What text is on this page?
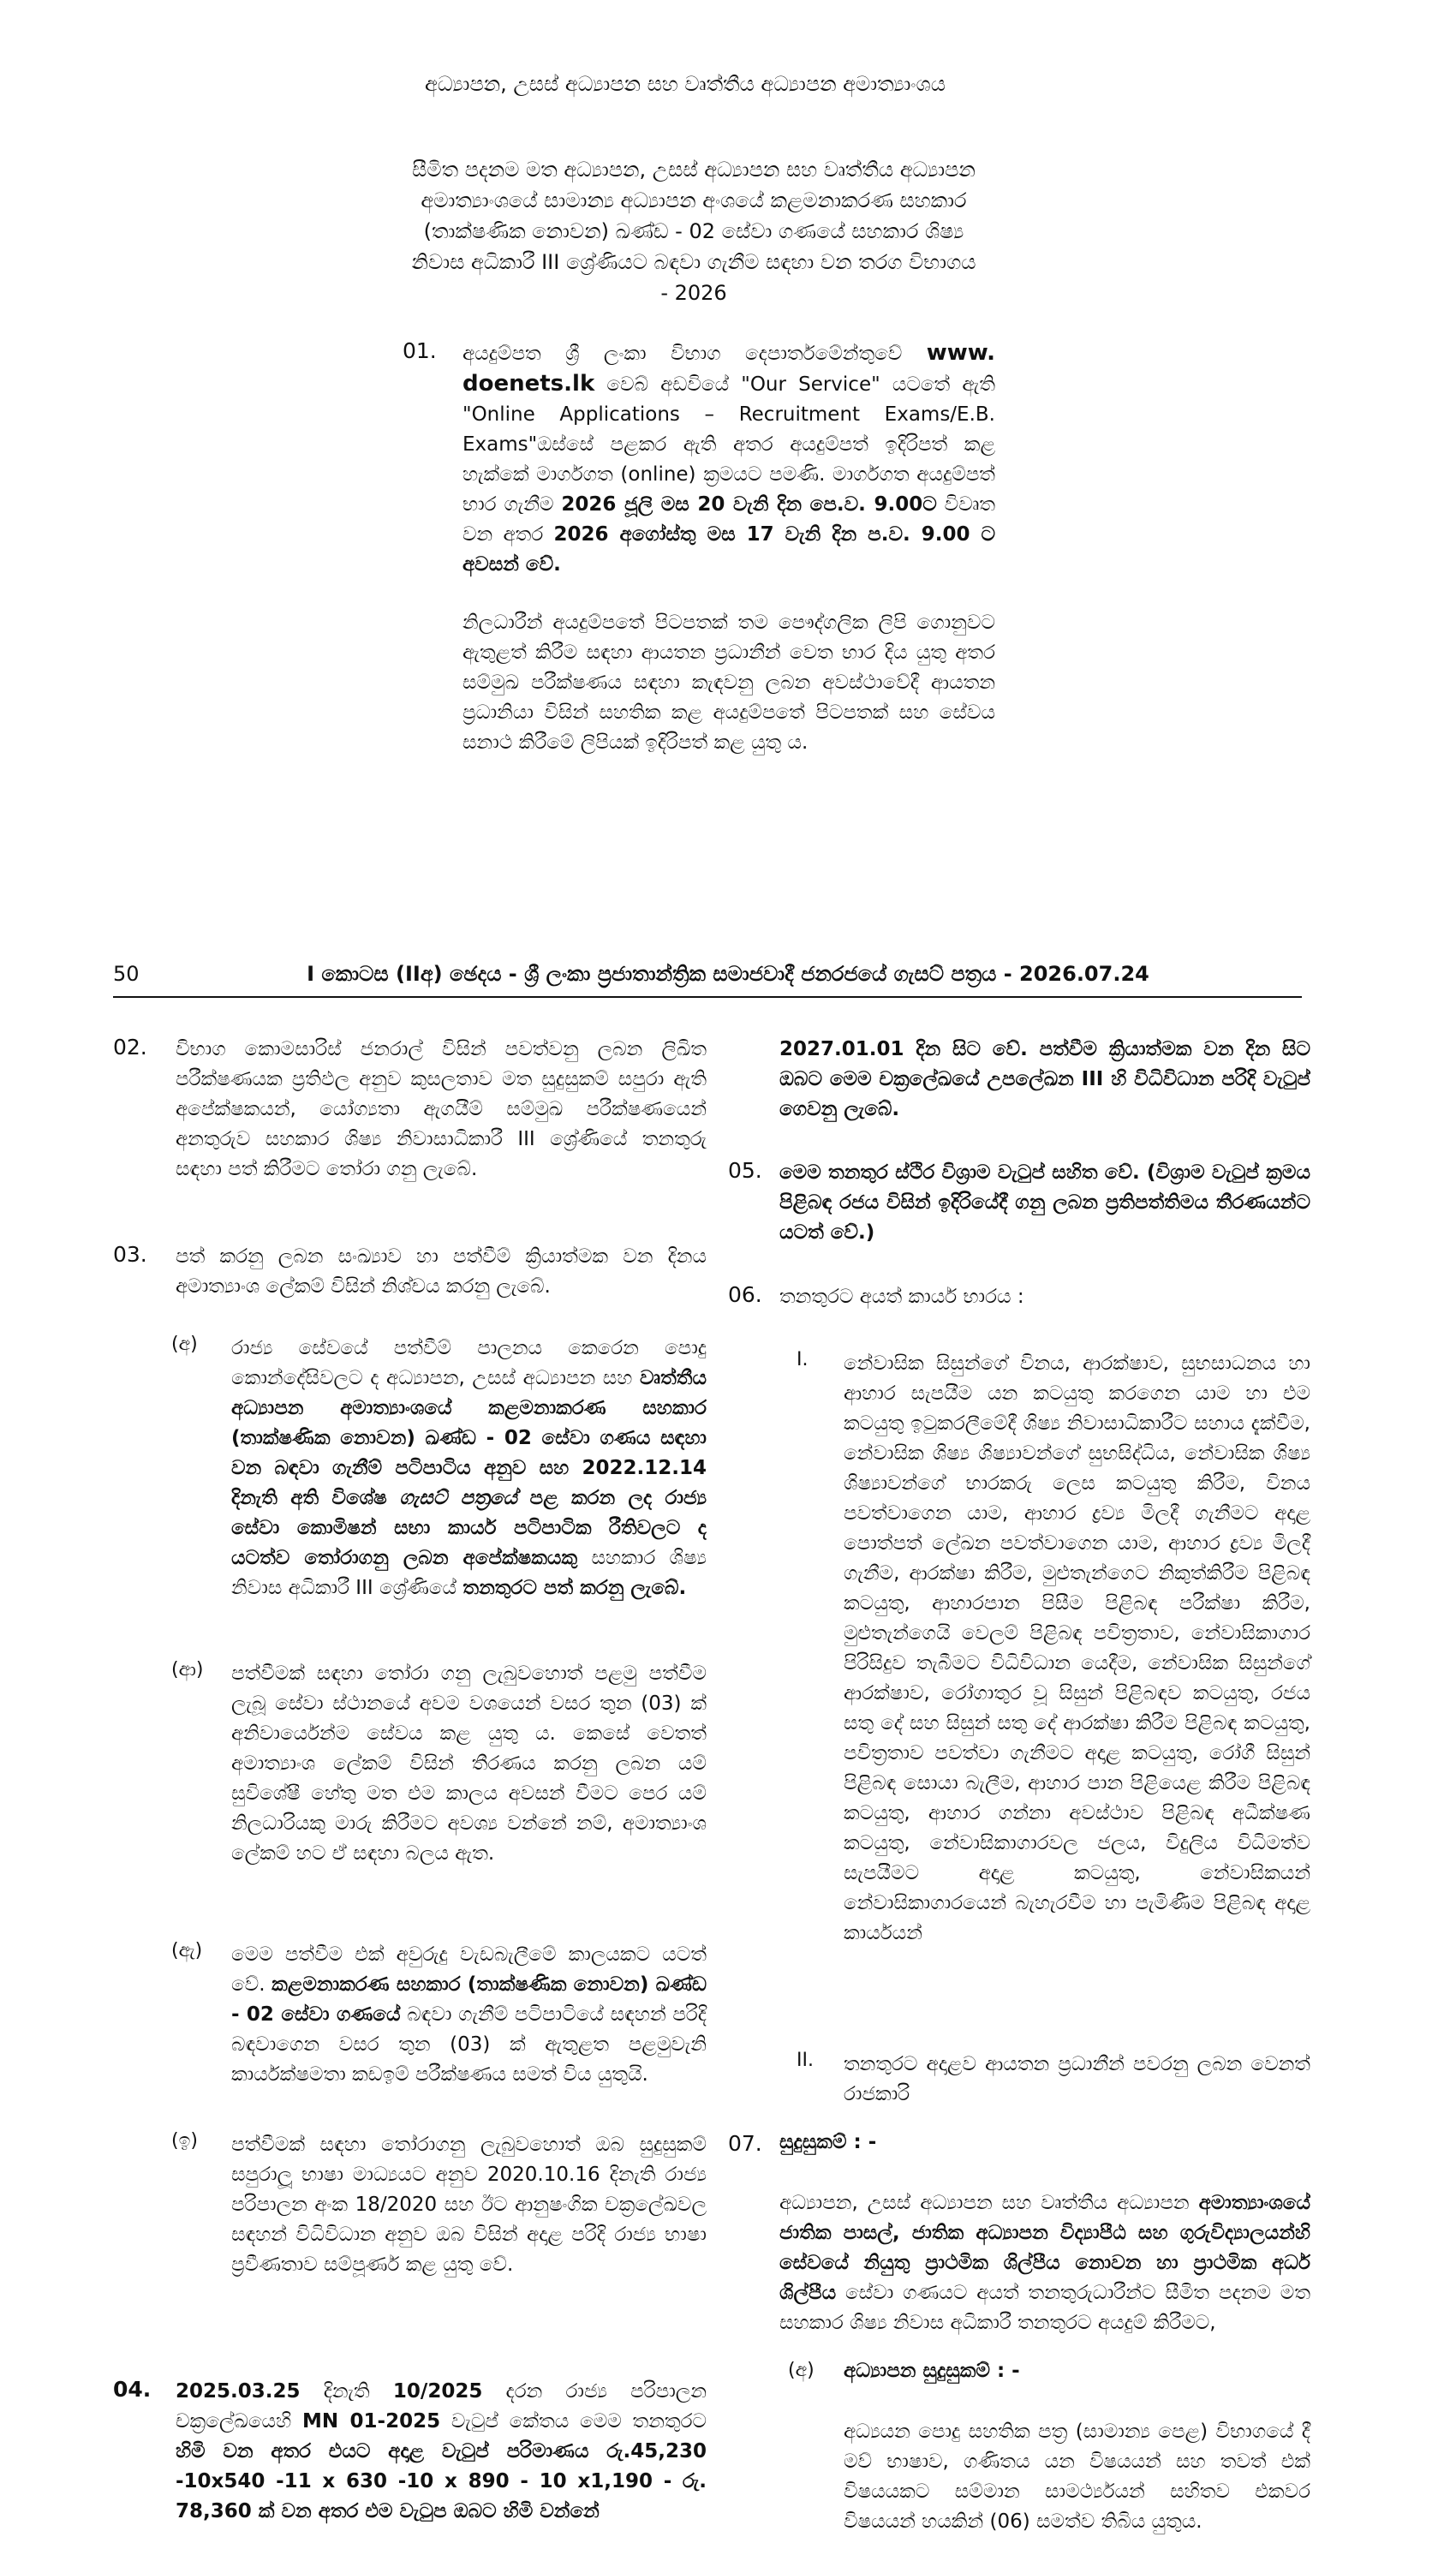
අධ්‍යාපන, උසස් අධ්‍යාපන සහ වෘත්තීය අධ්‍යාපන අමාත්‍යාංශය
සීමිත පදනම මත අධ්‍යාපන, උසස් අධ්‍යාපන සහ වෘත්තීය අධ්‍යාපන අමාත්‍යාංශයේ සාමාන්‍ය අධ්‍යාපන අංශයේ කළමනාකරණ සහකාර (තාක්ෂණික නොවන) ඛණ්ඩ - 02 සේවා ගණයේ සහකාර ශිෂ්‍ය නිවාස අධිකාරී III ශ්‍රේණියට බඳවා ගැනීම සඳහා වන තරග විභාගය - 2026
01. අයදුම්පත ශ්‍රී ලංකා විභාග දෙපාර්තමේන්තුවේ www. doenets.lk වෙබ් අඩවියේ "Our Service" යටතේ ඇති "Online Applications – Recruitment Exams/E.B. Exams"ඔස්සේ පළකර ඇති අතර අයදුම්පත් ඉදිරිපත් කළ හැක්කේ මාර්ගගත (online) ක්‍රමයට පමණි. මාර්ගගත අයදුම්පත් භාර ගැනීම 2026 ජූලි මස 20 වැනි දින පෙ.ව. 9.00ට විවෘත වන අතර 2026 අගෝස්තු මස 17 වැනි දින ප.ව. 9.00 ට අවසන් වේ.
නිලධාරීන් අයදුම්පතේ පිටපතක් තම පෞද්ගලික ලිපි ගොනුවට ඇතුළත් කිරීම සඳහා ආයතන ප්‍රධානීන් වෙත භාර දිය යුතු අතර සම්මුඛ පරීක්ෂණය සඳහා කැඳවනු ලබන අවස්ථාවේදී ආයතන ප්‍රධානියා විසින් සහතික කළ අයදුම්පතේ පිටපතක් සහ සේවය සනාථ කිරීමේ ලිපියක් ඉදිරිපත් කළ යුතු ය.
50	I කොටස (IIඅ) ඡෙදය - ශ්‍රී ලංකා ප්‍රජාතාන්ත්‍රික සමාජවාදී ජනරජයේ ගැසට් පත්‍රය - 2026.07.24
02. විභාග කොමසාරිස් ජනරාල් විසින් පවත්වනු ලබන ලිඛිත පරීක්ෂණයක ප්‍රතිඵල අනුව කුසලතාව මත සුදුසුකම් සපුරා ඇති අපේක්ෂකයන්, යෝග්‍යතා ඇගයීම් සම්මුඛ පරීක්ෂණයෙන් අනතුරුව සහකාර ශිෂ්‍ය නිවාසාධිකාරී III ශ්‍රේණියේ තනතුරු සඳහා පත් කිරීමට තෝරා ගනු ලැබේ.
03. පත් කරනු ලබන සංඛ්‍යාව හා පත්වීම් ක්‍රියාත්මක වන දිනය අමාත්‍යාංශ ලේකම් විසින් නිශ්චය කරනු ලැබේ.
(අ) රාජ්‍ය සේවයේ පත්වීම් පාලනය කෙරෙන පොදු කොන්දේසිවලට ද අධ්‍යාපන, උසස් අධ්‍යාපන සහ වෘත්තීය අධ්‍යාපන අමාත්‍යාංශයේ කළමනාකරණ සහකාර (තාක්ෂණික නොවන) ඛණ්ඩ - 02 සේවා ගණය සඳහා වන බඳවා ගැනීම් පටිපාටිය අනුව සහ 2022.12.14 දිනැති අති විශේෂ ගැසට් පත්‍රයේ පළ කරන ලද රාජ්‍ය සේවා කොමිෂන් සභා කාර්ය පටිපාටික රීතිවලට ද යටත්ව තෝරාගනු ලබන අපේක්ෂකයකු සහකාර ශිෂ්‍ය නිවාස අධිකාරී III ශ්‍රේණියේ තනතුරට පත් කරනු ලැබේ.
(ආ) පත්වීමක් සඳහා තෝරා ගනු ලැබුවහොත් පළමු පත්වීම ලැබූ සේවා ස්ථානයේ අවම වශයෙන් වසර තුන (03) ක් අනිවාර්යෙන්ම සේවය කළ යුතු ය. කෙසේ වෙතත් අමාත්‍යාංශ ලේකම් විසින් තීරණය කරනු ලබන යම් සුවිශේෂී හේතු මත එම කාලය අවසන් වීමට පෙර යම් නිලධාරියකු මාරු කිරීමට අවශ්‍ය වන්නේ නම්, අමාත්‍යාංශ ලේකම් හට ඒ සඳහා බලය ඇත.
(ඇ) මෙම පත්වීම එක් අවුරුදු වැඩබැලීමේ කාලයකට යටත් වේ. කළමනාකරණ සහකාර (තාක්ෂණික නොවන) ඛණ්ඩ - 02 සේවා ගණයේ බඳවා ගැනීම් පටිපාටියේ සඳහන් පරිදි බඳවාගෙන වසර තුන (03) ක් ඇතුළත පළමුවැනි කාර්යක්ෂමතා කඩඉම් පරීක්ෂණය සමත් විය යුතුයි.
(ඉ) පත්වීමක් සඳහා තෝරාගනු ලැබුවහොත් ඔබ සුදුසුකම් සපුරාලූ භාෂා මාධ්‍යයට අනුව 2020.10.16 දිනැති රාජ්‍ය පරිපාලන අංක 18/2020 සහ ඊට ආනුෂංගික චක්‍රලේඛවල සඳහන් විධිවිධාන අනුව ඔබ විසින් අදාළ පරිදි රාජ්‍ය භාෂා ප්‍රවීණතාව සම්පූර්ණ කළ යුතු වේ.
04. 2025.03.25 දිනැති 10/2025 දරන රාජ්‍ය පරිපාලන චක්‍රලේඛයෙහි MN 01-2025 වැටුප් කේතය මෙම තනතුරට හිමි වන අතර එයට අදාළ වැටුප් පරිමාණය රු.45,230 -10x540 -11 x 630 -10 x 890 - 10 x1,190 - රු. 78,360 ක් වන අතර එම වැටුප ඔබට හිමි වන්නේ
2027.01.01 දින සිට වේ. පත්වීම ක්‍රියාත්මක වන දින සිට ඔබට මෙම චක්‍රලේඛයේ උපලේඛන III හි විධිවිධාන පරිදි වැටුප් ගෙවනු ලැබේ.
05. මෙම තනතුර ස්ථිර විශ්‍රාම වැටුප් සහිත වේ. (විශ්‍රාම වැටුප් ක්‍රමය පිළිබඳ රජය විසින් ඉදිරියේදී ගනු ලබන ප්‍රතිපත්තිමය තීරණයන්ට යටත් වේ.)
06. තනතුරට අයත් කාර්ය භාරය :
I. නේවාසික සිසුන්ගේ විනය, ආරක්ෂාව, සුභසාධනය හා ආහාර සැපයීම යන කටයුතු කරගෙන යාම හා එම කටයුතු ඉටුකරලීමේදී ශිෂ්‍ය නිවාසාධිකාරීට සහාය දැක්වීම, නේවාසික ශිෂ්‍ය ශිෂ්‍යාවන්ගේ සුභසිද්ධිය, නේවාසික ශිෂ්‍ය ශිෂ්‍යාවන්ගේ භාරකරු ලෙස කටයුතු කිරීම, විනය පවත්වාගෙන යාම, ආහාර ද්‍රව්‍ය මිලදී ගැනීමට අදාළ පොත්පත් ලේඛන පවත්වාගෙන යාම, ආහාර ද්‍රව්‍ය මිලදී ගැනීම, ආරක්ෂා කිරීම, මුළුතැන්ගෙට නිකුත්කිරීම පිළිබඳ කටයුතු, ආහාරපාන පිසීම පිළිබඳ පරීක්ෂා කිරීම, මුළුතැන්ගෙයි වෙලම් පිළිබඳ පවිත්‍රතාව, නේවාසිකාගාර පිරිසිදුව තැබීමට විධිවිධාන යෙදීම, නේවාසික සිසුන්ගේ ආරක්ෂාව, රෝගාතුර වූ සිසුන් පිළිබඳව කටයුතු, රජය සතු දේ සහ සිසුන් සතු දේ ආරක්ෂා කිරීම පිළිබඳ කටයුතු, පවිත්‍රතාව පවත්වා ගැනීමට අදාළ කටයුතු, රෝගී සිසුන් පිළිබඳ සොයා බැලීම, ආහාර පාන පිළියෙළ කිරීම පිළිබඳ කටයුතු, ආහාර ගන්නා අවස්ථාව පිළිබඳ අධීක්ෂණ කටයුතු, නේවාසිකාගාරවල ජලය, විදුලිය විධිමත්ව සැපයීමට අදාළ කටයුතු, නේවාසිකයන් නේවාසිකාගාරයෙන් බැහැරවීම හා පැමිණීම පිළිබඳ අදාළ කාර්යයන්
II. තනතුරට අදාළව ආයතන ප්‍රධානීන් පවරනු ලබන වෙනත් රාජකාරි
07. සුදුසුකම් : -
අධ්‍යාපන, උසස් අධ්‍යාපන සහ වෘත්තීය අධ්‍යාපන අමාත්‍යාංශයේ ජාතික පාසල්, ජාතික අධ්‍යාපන විද්‍යාපීඨ සහ ගුරුවිද්‍යාලයන්හි සේවයේ නියුතු ප්‍රාථමික ශිල්පීය නොවන හා ප්‍රාථමික අර්ධ ශිල්පීය සේවා ගණයට අයත් තනතුරුධාරීන්ට සීමිත පදනම මත සහකාර ශිෂ්‍ය නිවාස අධිකාරී තනතුරට අයදුම් කිරීමට,
(අ) අධ්‍යාපන සුදුසුකම් : -
අධ්‍යයන පොදු සහතික පත්‍ර (සාමාන්‍ය පෙළ) විභාගයේ දී මව් භාෂාව, ගණිතය යන විෂයයන් සහ තවත් එක් විෂයයකට සම්මාන සාමර්ථ්‍යයන් සහිතව එකවර විෂයයන් හයකින් (06) සමත්ව තිබිය යුතුය.
